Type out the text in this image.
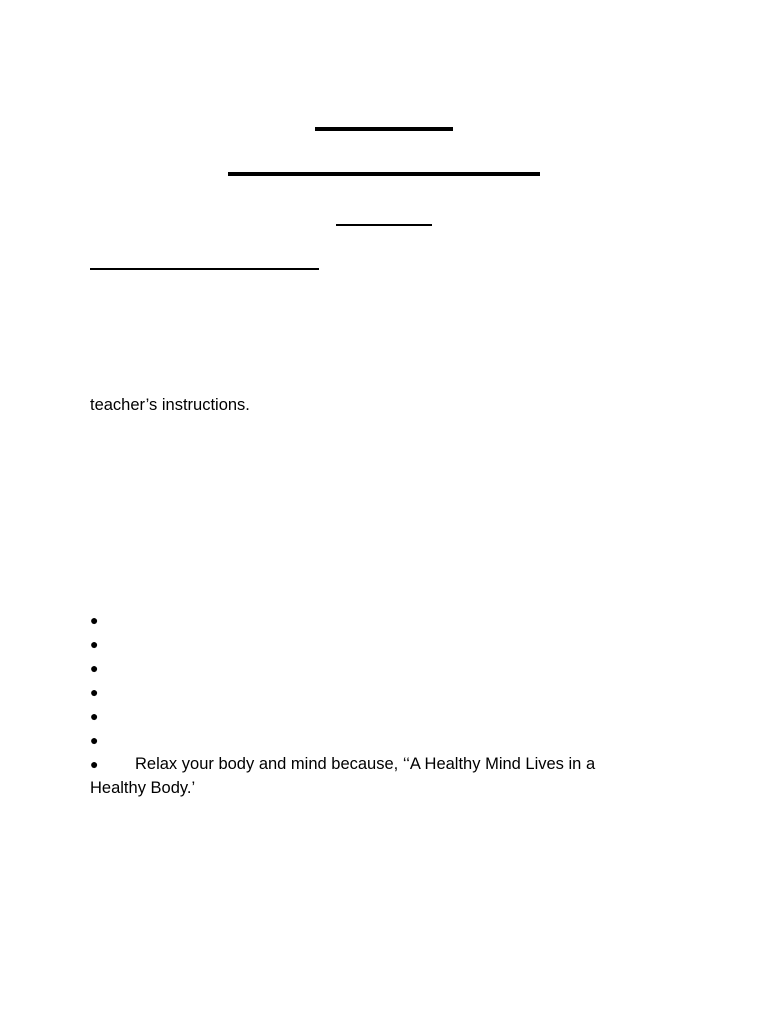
teacher’s instructions.
●
●
●
●
●
●
● Relax your body and mind because, ‘‘A Healthy Mind Lives in a Healthy Body.’
